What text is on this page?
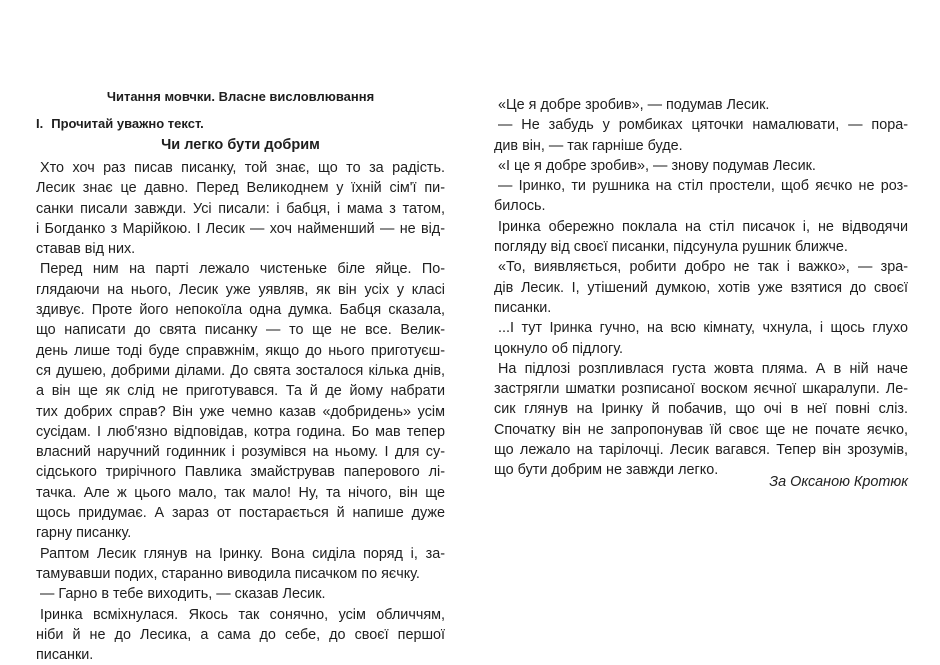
Читання мовчки. Власне висловлювання
І. Прочитай уважно текст.
Чи легко бути добрим
Хто хоч раз писав писанку, той знає, що то за радість.
Лесик знає це давно. Перед Великоднем у їхній сім'ї пи-
санки писали завжди. Усі писали: і бабця, і мама з татом,
і Богданко з Марійкою. І Лесик — хоч найменший — не від-
ставав від них.
Перед ним на парті лежало чистеньке біле яйце. По-
глядаючи на нього, Лесик уже уявляв, як він усіх у класі
здивує. Проте його непокоїла одна думка. Бабця сказала,
що написати до свята писанку — то ще не все. Велик-
день лише тоді буде справжнім, якщо до нього приготуєш-
ся душею, добрими ділами. До свята зосталося кілька днів,
а він ще як слід не приготувався. Та й де йому набрати
тих добрих справ? Він уже чемно казав «добридень» усім
сусідам. І люб'язно відповідав, котра година. Бо мав тепер
власний наручний годинник і розумівся на ньому. І для су-
сідського трирічного Павлика змайстрував паперового лі-
тачка. Але ж цього мало, так мало! Ну, та нічого, він ще
щось придумає. А зараз от постарається й напише дуже
гарну писанку.
Раптом Лесик глянув на Іринку. Вона сиділа поряд і, за-
тамувавши подих, старанно виводила писачком по яєчку.
— Гарно в тебе виходить, — сказав Лесик.
Іринка всміхнулася. Якось так сонячно, усім обличчям,
ніби й не до Лесика, а сама до себе, до своєї першої
писанки.
«Це я добре зробив», — подумав Лесик.
— Не забудь у ромбиках цяточки намалювати, — пора-
див він, — так гарніше буде.
«І це я добре зробив», — знову подумав Лесик.
— Іринко, ти рушника на стіл простели, щоб яєчко не роз-
билось.
Іринка обережно поклала на стіл писачок і, не відводячи
погляду від своєї писанки, підсунула рушник ближче.
«То, виявляється, робити добро не так і важко», — зра-
дів Лесик. І, утішений думкою, хотів уже взятися до своєї
писанки.
...І тут Іринка гучно, на всю кімнату, чхнула, і щось глухо
цокнуло об підлогу.
На підлозі розпливлася густа жовта пляма. А в ній наче
застрягли шматки розписаної воском яєчної шкаралупи. Ле-
сик глянув на Іринку й побачив, що очі в неї повні сліз.
Спочатку він не запропонував їй своє ще не почате яєчко,
що лежало на тарілочці. Лесик вагався. Тепер він зрозумів,
що бути добрим не завжди легко.
За Оксаною Кротюк
